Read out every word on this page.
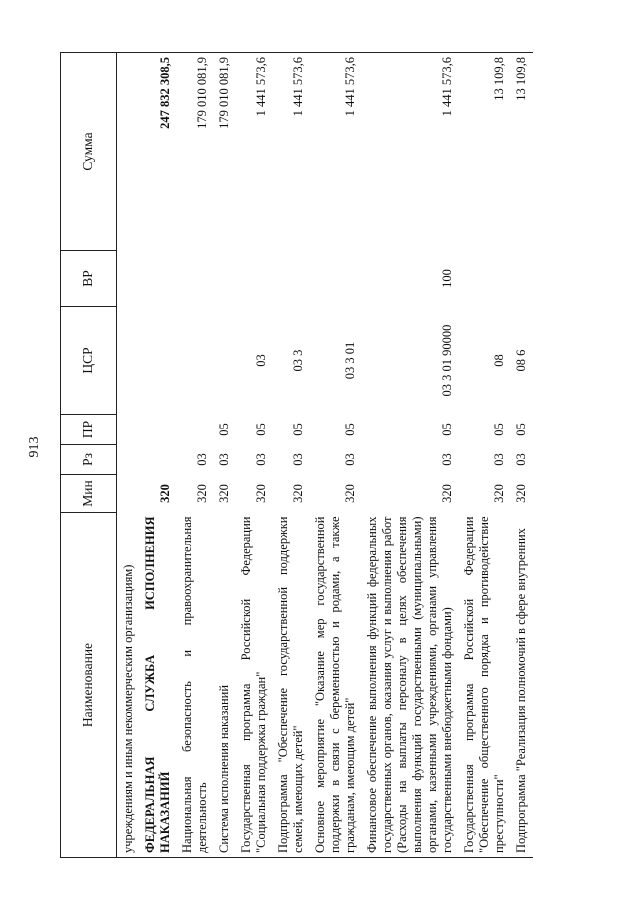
913
Наименование	Мин	Рз	ПР	ЦСР	ВР	Сумма
учреждениям и иным некоммерческим организациям)						
ФЕДЕРАЛЬНАЯ СЛУЖБА ИСПОЛНЕНИЯ НАКАЗАНИЙ	320					247 832 308,5
Национальная безопасность и правоохранительная деятельность	320	03				179 010 081,9
Система исполнения наказаний	320	03	05			179 010 081,9
Государственная программа Российской Федерации "Социальная поддержка граждан"	320	03	05	03		1 441 573,6
Подпрограмма "Обеспечение государственной поддержки семей, имеющих детей"	320	03	05	03 3		1 441 573,6
Основное мероприятие "Оказание мер государственной поддержки в связи с беременностью и родами, а также гражданам, имеющим детей"	320	03	05	03 3 01		1 441 573,6
Финансовое обеспечение выполнения функций федеральных государственных органов, оказания услуг и выполнения работ (Расходы на выплаты персоналу в целях обеспечения выполнения функций государственными (муниципальными) органами, казенными учреждениями, органами управления государственными внебюджетными фондами)	320	03	05	03 3 01 90000	100	1 441 573,6
Государственная программа Российской Федерации "Обеспечение общественного порядка и противодействие преступности"	320	03	05	08		13 109,8
Подпрограмма "Реализация полномочий в сфере внутренних	320	03	05	08 6		13 109,8
